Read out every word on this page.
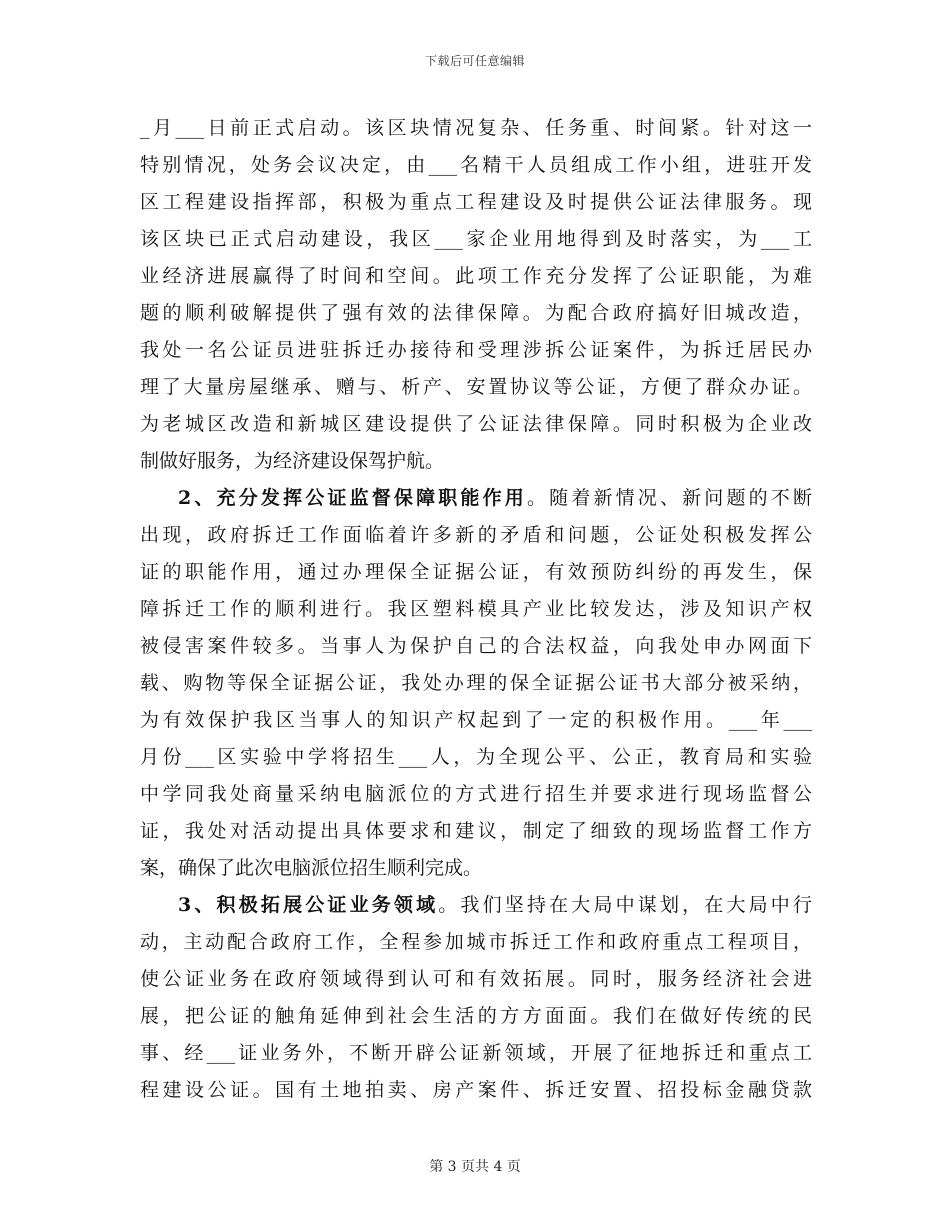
下载后可任意编辑
_月___日前正式启动。该区块情况复杂、任务重、时间紧。针对这一
特别情况，处务会议决定，由___名精干人员组成工作小组，进驻开发
区工程建设指挥部，积极为重点工程建设及时提供公证法律服务。现
该区块已正式启动建设，我区___家企业用地得到及时落实，为___工
业经济进展赢得了时间和空间。此项工作充分发挥了公证职能，为难
题的顺利破解提供了强有效的法律保障。为配合政府搞好旧城改造，
我处一名公证员进驻拆迁办接待和受理涉拆公证案件，为拆迁居民办
理了大量房屋继承、赠与、析产、安置协议等公证，方便了群众办证。
为老城区改造和新城区建设提供了公证法律保障。同时积极为企业改
制做好服务，为经济建设保驾护航。
2、充分发挥公证监督保障职能作用。随着新情况、新问题的不断
出现，政府拆迁工作面临着许多新的矛盾和问题，公证处积极发挥公
证的职能作用，通过办理保全证据公证，有效预防纠纷的再发生，保
障拆迁工作的顺利进行。我区塑料模具产业比较发达，涉及知识产权
被侵害案件较多。当事人为保护自己的合法权益，向我处申办网面下
载、购物等保全证据公证，我处办理的保全证据公证书大部分被采纳，
为有效保护我区当事人的知识产权起到了一定的积极作用。___年___
月份___区实验中学将招生___人，为全现公平、公正，教育局和实验
中学同我处商量采纳电脑派位的方式进行招生并要求进行现场监督公
证，我处对活动提出具体要求和建议，制定了细致的现场监督工作方
案，确保了此次电脑派位招生顺利完成。
3、积极拓展公证业务领域。我们坚持在大局中谋划，在大局中行
动，主动配合政府工作，全程参加城市拆迁工作和政府重点工程项目，
使公证业务在政府领域得到认可和有效拓展。同时，服务经济社会进
展，把公证的触角延伸到社会生活的方方面面。我们在做好传统的民
事、经___证业务外，不断开辟公证新领域，开展了征地拆迁和重点工
程建设公证。国有土地拍卖、房产案件、拆迁安置、招投标金融贷款
第 3 页共 4 页
